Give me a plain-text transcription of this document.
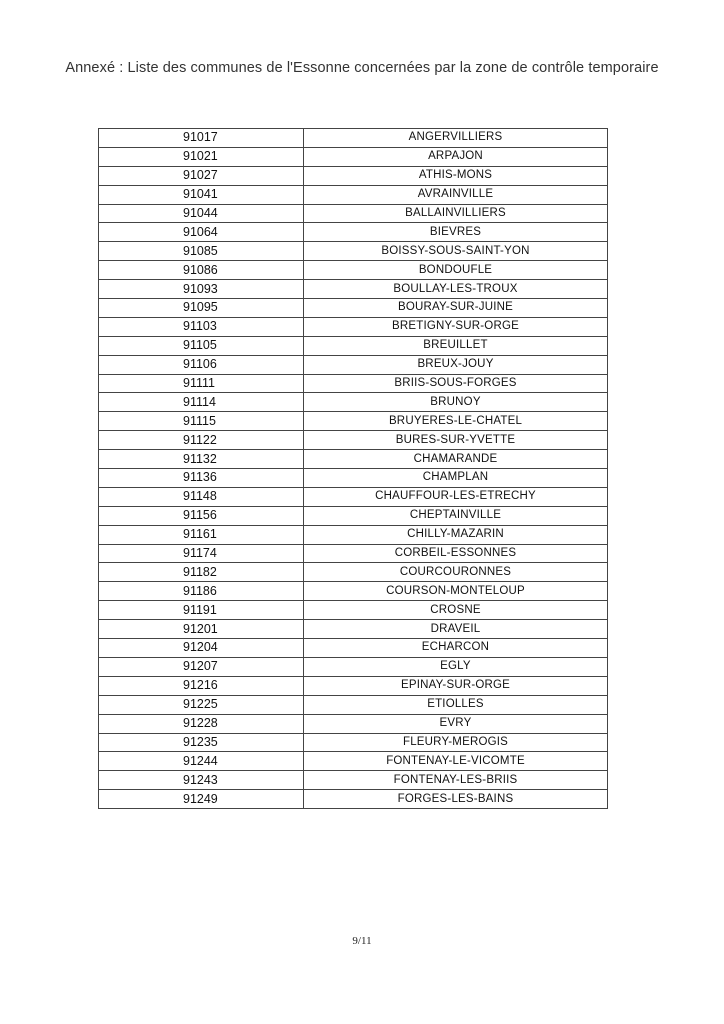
Annexé : Liste des communes de l'Essonne concernées par la zone de contrôle temporaire
91017	ANGERVILLIERS
91021	ARPAJON
91027	ATHIS-MONS
91041	AVRAINVILLE
91044	BALLAINVILLIERS
91064	BIEVRES
91085	BOISSY-SOUS-SAINT-YON
91086	BONDOUFLE
91093	BOULLAY-LES-TROUX
91095	BOURAY-SUR-JUINE
91103	BRETIGNY-SUR-ORGE
91105	BREUILLET
91106	BREUX-JOUY
91111	BRIIS-SOUS-FORGES
91114	BRUNOY
91115	BRUYERES-LE-CHATEL
91122	BURES-SUR-YVETTE
91132	CHAMARANDE
91136	CHAMPLAN
91148	CHAUFFOUR-LES-ETRECHY
91156	CHEPTAINVILLE
91161	CHILLY-MAZARIN
91174	CORBEIL-ESSONNES
91182	COURCOURONNES
91186	COURSON-MONTELOUP
91191	CROSNE
91201	DRAVEIL
91204	ECHARCON
91207	EGLY
91216	EPINAY-SUR-ORGE
91225	ETIOLLES
91228	EVRY
91235	FLEURY-MEROGIS
91244	FONTENAY-LE-VICOMTE
91243	FONTENAY-LES-BRIIS
91249	FORGES-LES-BAINS
9/11
